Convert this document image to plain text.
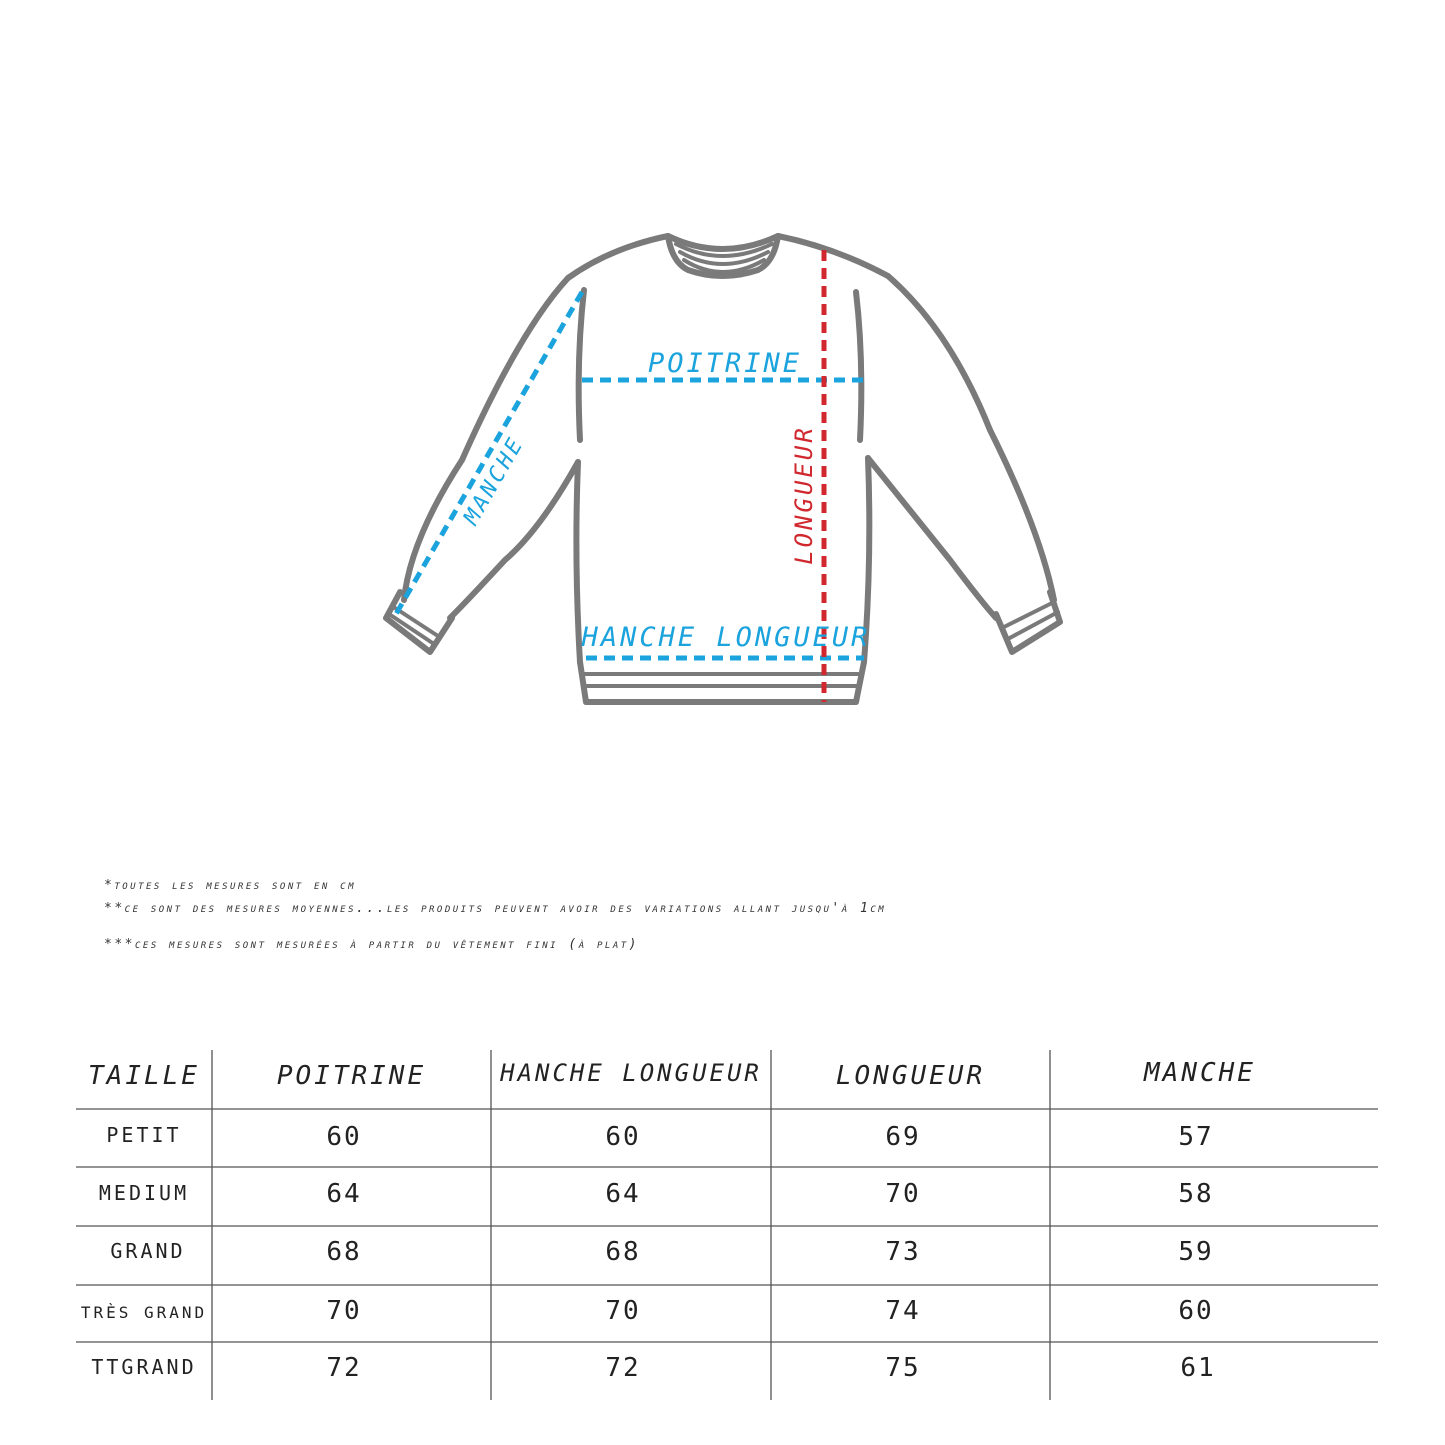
POITRINE
MANCHE	LONGUEUR
HANCHE LONGUEUR
*toutes les mesures sont en cm
**ce sont des mesures moyennes...les produits peuvent avoir des variations allant jusqu'à 1cm
***ces mesures sont mesurées à partir du vêtement fini (à plat)
TAILLE	POITRINE	HANCHE LONGUEUR	LONGUEUR	MANCHE
PETIT	60	60	69	57
MEDIUM	64	64	70	58
GRAND	68	68	73	59
TRÈS GRAND	70	70	74	60
TTGRAND	72	72	75	61
